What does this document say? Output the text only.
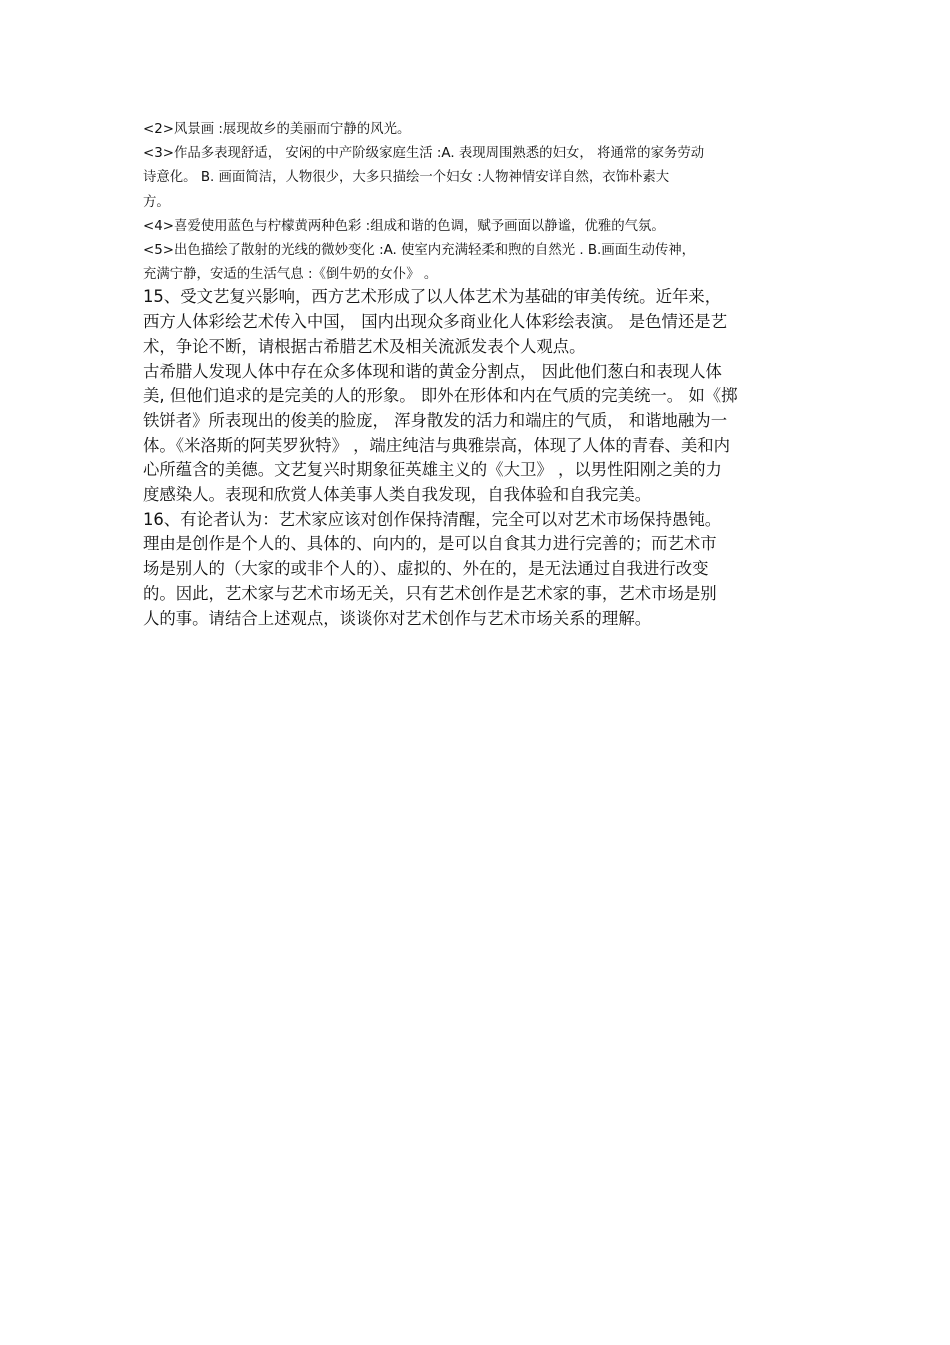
<2>风景画 :展现故乡的美丽而宁静的风光。
<3>作品多表现舒适， 安闲的中产阶级家庭生活 :A. 表现周围熟悉的妇女， 将通常的家务劳动
诗意化。 B. 画面简洁，人物很少，大多只描绘一个妇女 :人物神情安详自然，衣饰朴素大
方。
<4>喜爱使用蓝色与柠檬黄两种色彩 :组成和谐的色调，赋予画面以静谧，优雅的气氛。
<5>出色描绘了散射的光线的微妙变化 :A. 使室内充满轻柔和煦的自然光 . B.画面生动传神，
充满宁静，安适的生活气息 :《倒牛奶的女仆》 。
15、受文艺复兴影响，西方艺术形成了以人体艺术为基础的审美传统。近年来，
西方人体彩绘艺术传入中国， 国内出现众多商业化人体彩绘表演。 是色情还是艺
术，争论不断，请根据古希腊艺术及相关流派发表个人观点。
古希腊人发现人体中存在众多体现和谐的黄金分割点， 因此他们葱白和表现人体
美, 但他们追求的是完美的人的形象。 即外在形体和内在气质的完美统一。 如《掷
铁饼者》所表现出的俊美的脸庞， 浑身散发的活力和端庄的气质， 和谐地融为一
体。《米洛斯的阿芙罗狄特》 ，端庄纯洁与典雅崇高，体现了人体的青春、美和内
心所蕴含的美德。文艺复兴时期象征英雄主义的《大卫》 ，以男性阳刚之美的力
度感染人。表现和欣赏人体美事人类自我发现，自我体验和自我完美。
16、有论者认为：艺术家应该对创作保持清醒，完全可以对艺术市场保持愚钝。
理由是创作是个人的、具体的、向内的，是可以自食其力进行完善的；而艺术市
场是别人的（大家的或非个人的）、虚拟的、外在的，是无法通过自我进行改变
的。因此，艺术家与艺术市场无关，只有艺术创作是艺术家的事，艺术市场是别
人的事。请结合上述观点，谈谈你对艺术创作与艺术市场关系的理解。
